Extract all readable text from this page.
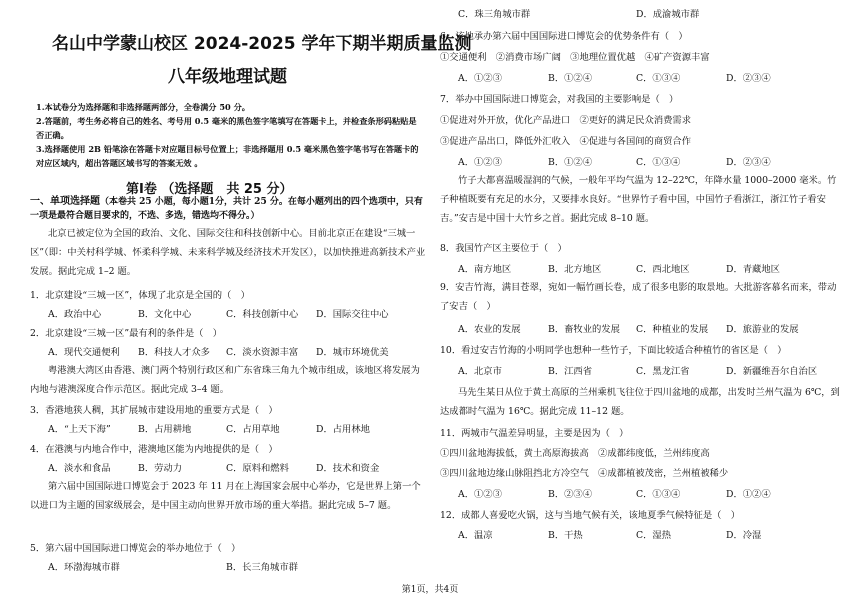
名山中学蒙山校区 2024-2025 学年下期半期质量监测
八年级地理试题
1.本试卷分为选择题和非选择题两部分，全卷满分 50 分。
2.答题前，考生务必将自己的姓名、考号用 0.5 毫米的黑色签字笔填写在答题卡上，并检查条形码粘贴是否正确。
3.选择题使用 2B 铅笔涂在答题卡对应题目标号位置上；非选择题用 0.5 毫米黑色签字笔书写在答题卡的对应区域内，超出答题区域书写的答案无效 。
第Ⅰ卷 （选择题　共 25 分）
一、单项选择题（本卷共 25 小题，每小题1分，共计 25 分。在每小题列出的四个选项中，只有一项是最符合题目要求的，不选、多选，错选均不得分。）
北京已被定位为全国的政治、文化、国际交往和科技创新中心。目前北京正在建设“三城一区”（即：中关村科学城、怀柔科学城、未来科学城及经济技术开发区），以加快推进高新技术产业发展。据此完成 1–2 题。
1．北京建设“三城一区”，体现了北京是全国的（　）
A．政治中心	B．文化中心	C．科技创新中心 D．国际交往中心
2．北京建设“三城一区”最有利的条件是（　）
A．现代交通便利 B．科技人才众多 C．淡水资源丰富 D．城市环境优美
粤港澳大湾区由香港、澳门两个特别行政区和广东省珠三角九个城市组成，该地区将发展为内地与港澳深度合作示范区。据此完成 3–4 题。
3．香港地狭人稠，其扩展城市建设用地的重要方式是（　）
A．“上天下海”	B．占用耕地	C．占用草地	D．占用林地
4．在港澳与内地合作中，港澳地区能为内地提供的是（　）
A．淡水和食品	B．劳动力	C．原料和燃料	D．技术和资金
第六届中国国际进口博览会于 2023 年 11 月在上海国家会展中心举办，它是世界上第一个以进口为主题的国家级展会，是中国主动向世界开放市场的重大举措。据此完成 5–7 题。
5．第六届中国国际进口博览会的举办地位于（　）
A．环渤海城市群	B．长三角城市群
C．珠三角城市群	D．成渝城市群
6．该地承办第六届中国国际进口博览会的优势条件有（　）
①交通便利　②消费市场广阔　③地理位置优越　④矿产资源丰富
A．①②③	B．①②④	C．①③④	D．②③④
7．举办中国国际进口博览会，对我国的主要影响是（　）
①促进对外开放，优化产品进口　②更好的满足民众消费需求
③促进产品出口，降低外汇收入　④促进与各国间的商贸合作
A．①②③	B．①②④	C．①③④	D．②③④
竹子大都喜温暖湿润的气候，一般年平均气温为 12–22℃，年降水量 1000–2000 毫米。竹子种植既要有充足的水分，又要排水良好。“世界竹子看中国，中国竹子看浙江，浙江竹子看安吉。”安吉是中国十大竹乡之首。据此完成 8–10 题。
8．我国竹产区主要位于（　）
A．南方地区	B．北方地区	C．西北地区	D．青藏地区
9．安吉竹海，满目苍翠，宛如一幅竹画长卷，成了很多电影的取景地。大批游客慕名而来，带动了安吉（　）
A．农业的发展	B．畜牧业的发展 C．种植业的发展 D．旅游业的发展
10．看过安吉竹海的小明同学也想种一些竹子，下面比较适合种植竹的省区是（　）
A．北京市	B．江西省	C．黑龙江省	D．新疆维吾尔自治区
马先生某日从位于黄土高原的兰州乘机飞往位于四川盆地的成都，出发时兰州气温为 6℃，到达成都时气温为 16℃。据此完成 11–12 题。
11．两城市气温差异明显，主要是因为（　）
①四川盆地海拔低，黄土高原海拔高　②成都纬度低，兰州纬度高
③四川盆地边缘山脉阻挡北方冷空气　④成都植被茂密，兰州植被稀少
A．①②③	B．②③④	C．①③④	D．①②④
12．成都人喜爱吃火锅，这与当地气候有关，该地夏季气候特征是（　）
A．温凉	B．干热	C．湿热	D．冷湿
第1页，共4页
